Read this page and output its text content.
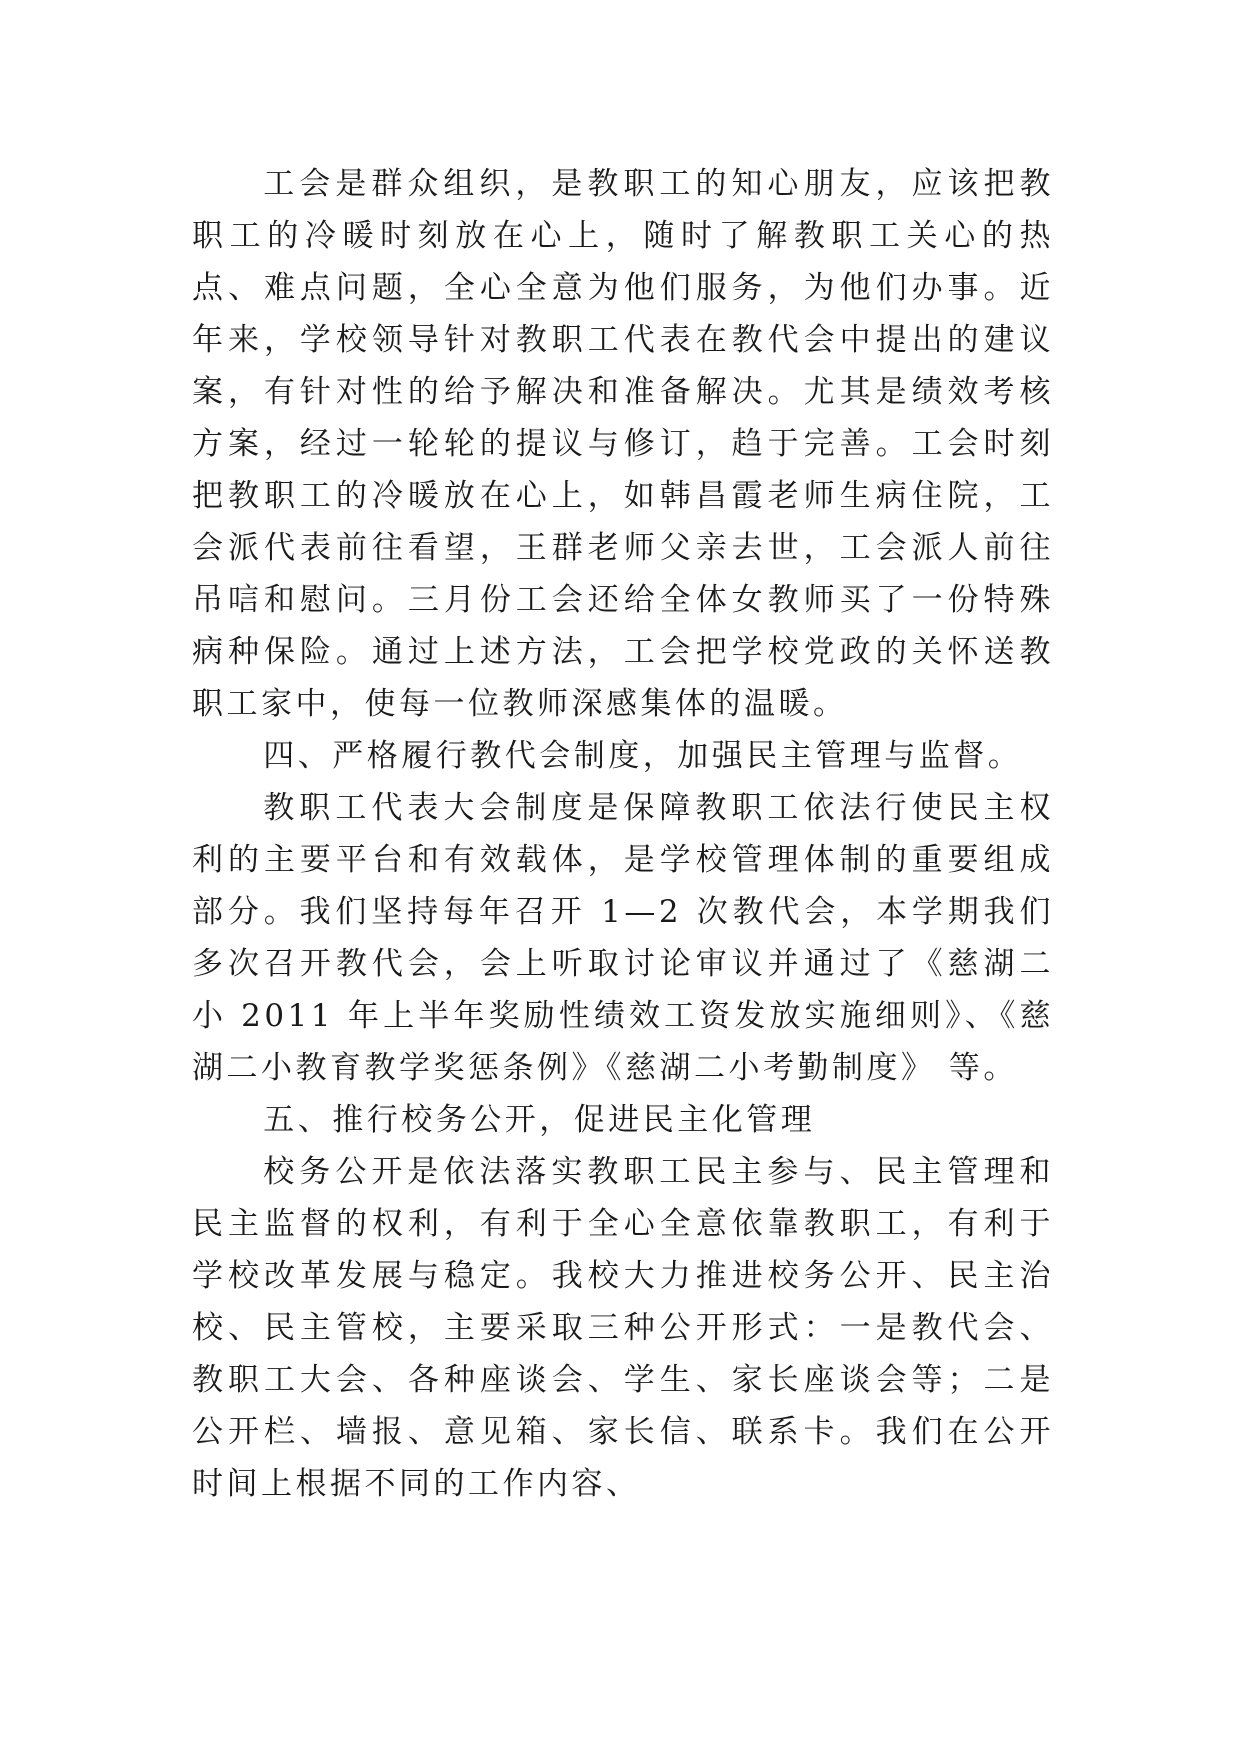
工会是群众组织，是教职工的知心朋友，应该把教职工的冷暖时刻放在心上，随时了解教职工关心的热点、难点问题，全心全意为他们服务，为他们办事。近年来，学校领导针对教职工代表在教代会中提出的建议案，有针对性的给予解决和准备解决。尤其是绩效考核方案，经过一轮轮的提议与修订，趋于完善。工会时刻把教职工的冷暖放在心上，如韩昌霞老师生病住院，工会派代表前往看望，王群老师父亲去世，工会派人前往吊唁和慰问。三月份工会还给全体女教师买了一份特殊病种保险。通过上述方法，工会把学校党政的关怀送教职工家中，使每一位教师深感集体的温暖。

四、严格履行教代会制度，加强民主管理与监督。

教职工代表大会制度是保障教职工依法行使民主权利的主要平台和有效载体，是学校管理体制的重要组成部分。我们坚持每年召开 1—2 次教代会，本学期我们多次召开教代会，会上听取讨论审议并通过了《慈湖二小 2011 年上半年奖励性绩效工资发放实施细则》、《慈湖二小教育教学奖惩条例》《慈湖二小考勤制度》 等。

五、推行校务公开，促进民主化管理

校务公开是依法落实教职工民主参与、民主管理和民主监督的权利，有利于全心全意依靠教职工，有利于学校改革发展与稳定。我校大力推进校务公开、民主治校、民主管校，主要采取三种公开形式：一是教代会、教职工大会、各种座谈会、学生、家长座谈会等；二是公开栏、墙报、意见箱、家长信、联系卡。我们在公开时间上根据不同的工作内容、
